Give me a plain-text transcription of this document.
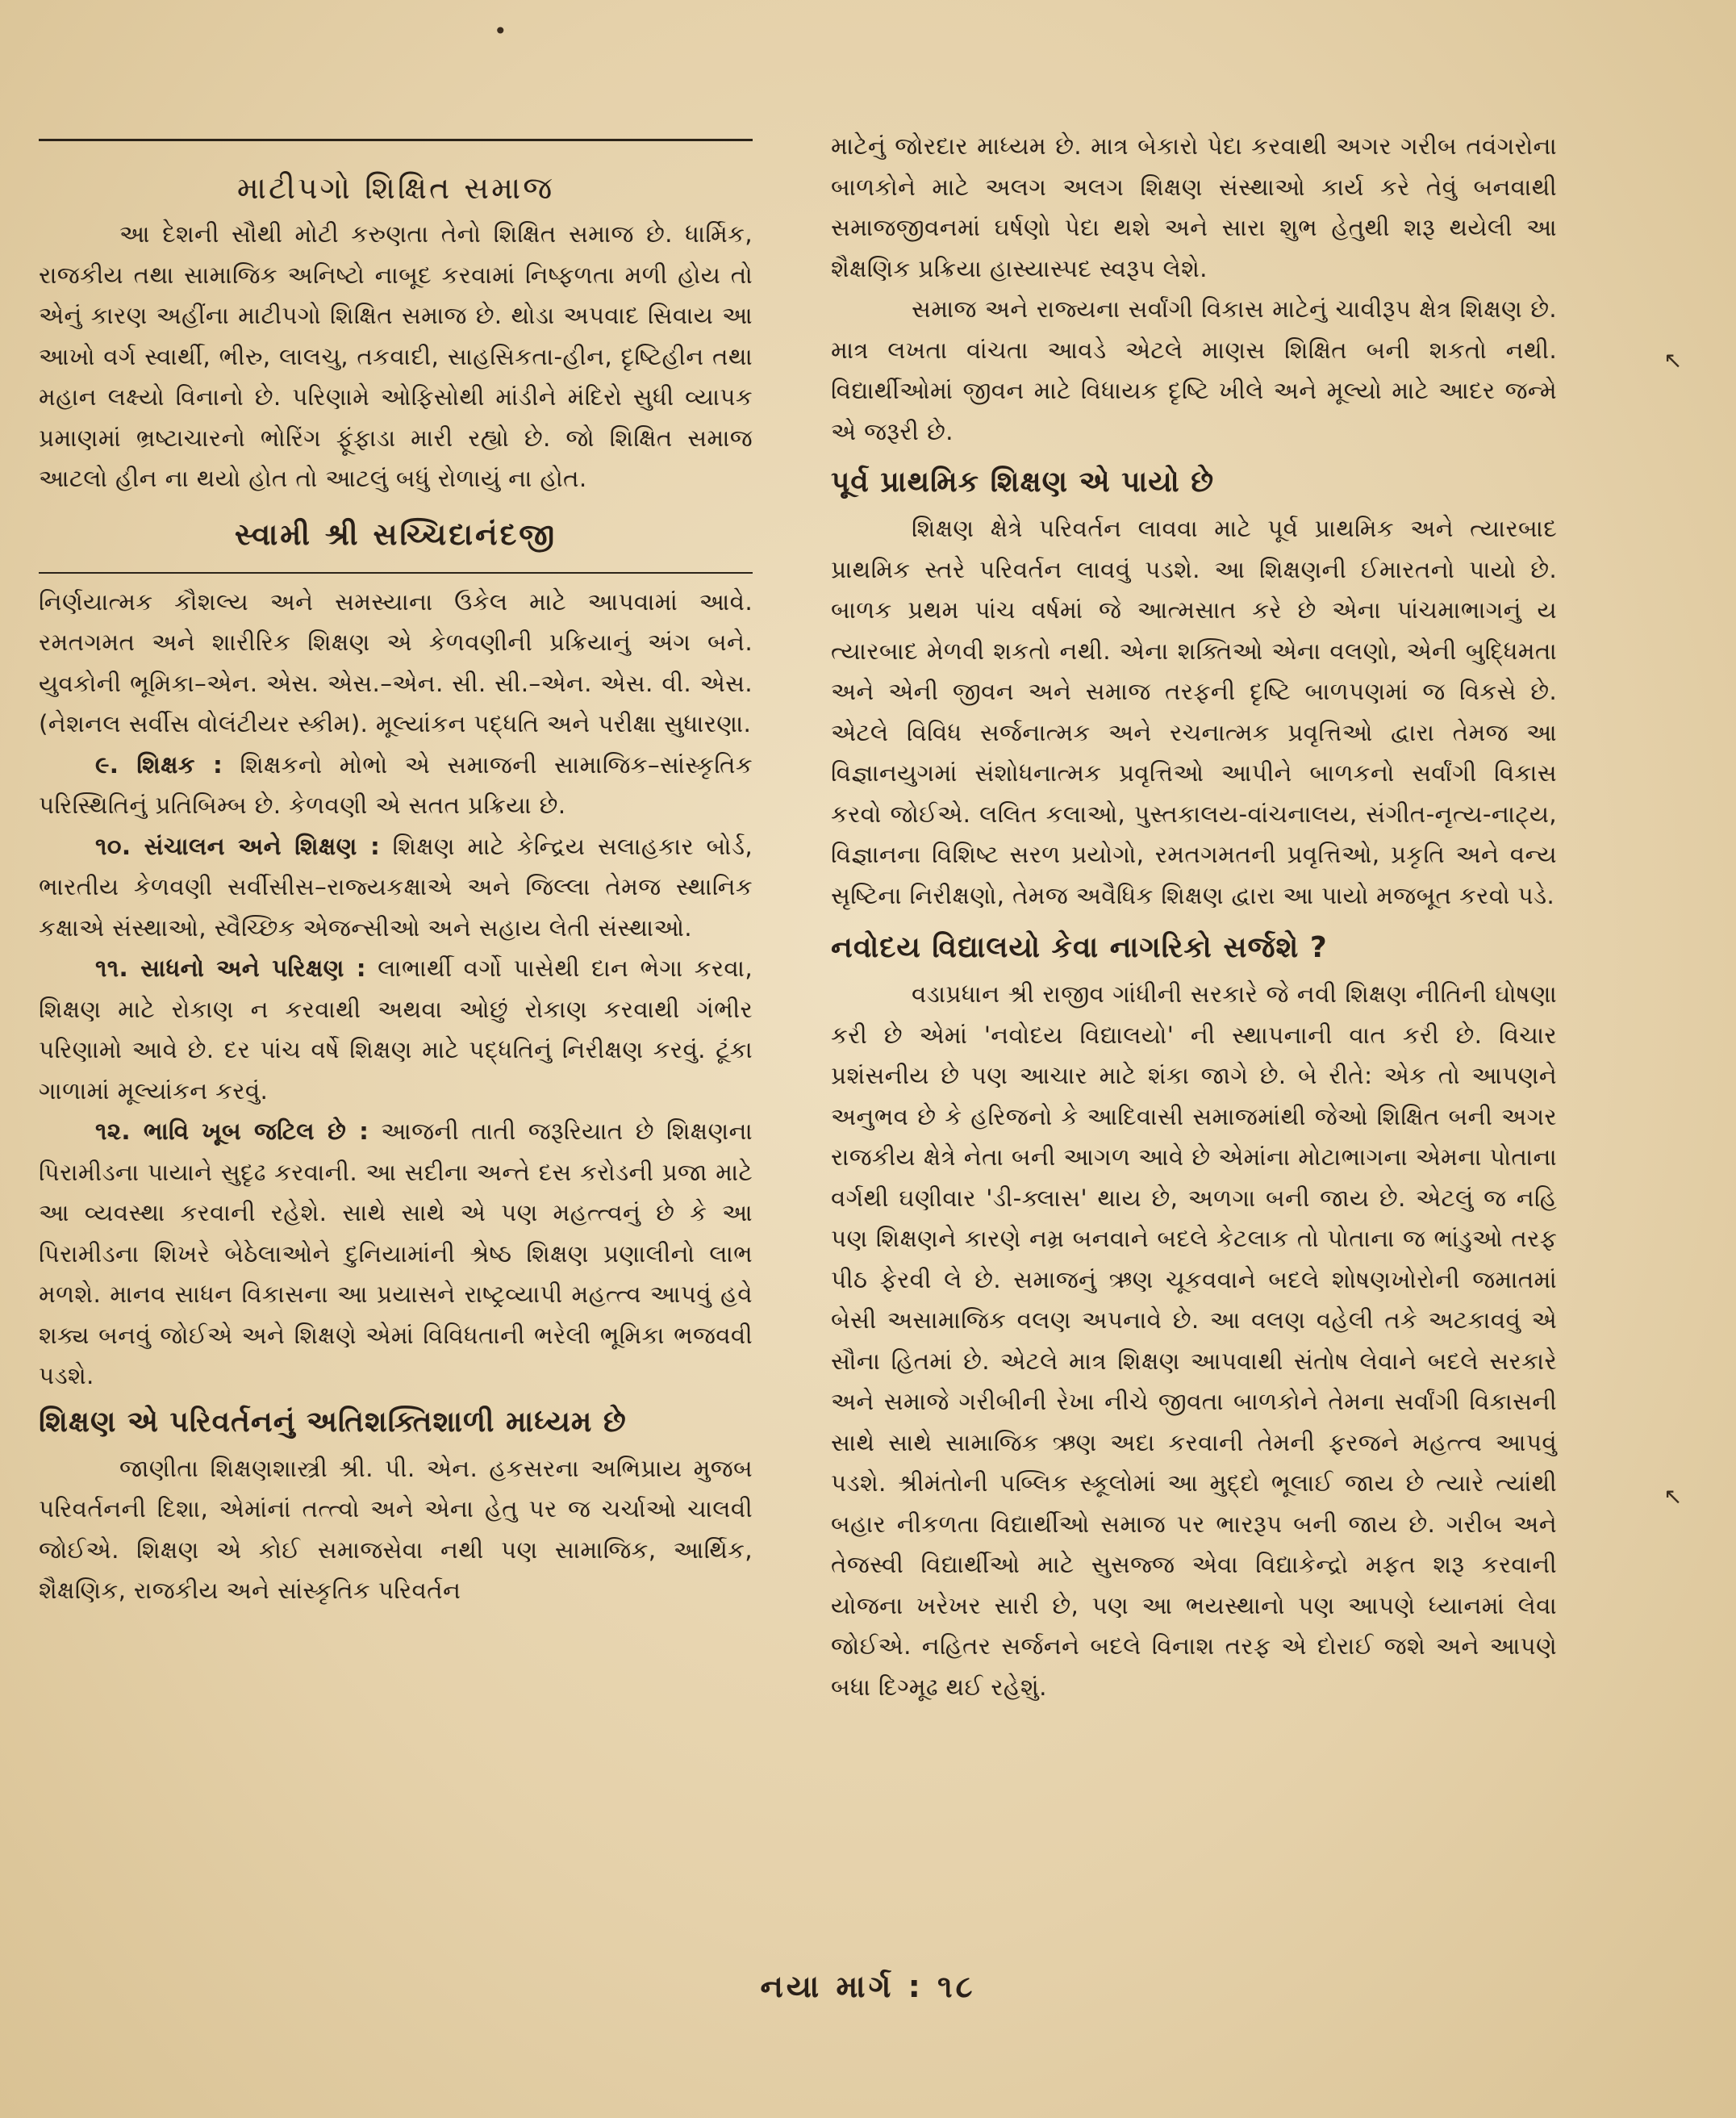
•
માટીપગો શિક્ષિત સમાજ

આ દેશની સૌથી મોટી કરુણતા તેનો શિક્ષિત સમાજ છે. ધાર્મિક, રાજકીય તથા સામાજિક અનિષ્ટો નાબૂદ કરવામાં નિષ્ફળતા મળી હોય તો એનું કારણ અહીંના માટીપગો શિક્ષિત સમાજ છે. થોડા અપવાદ સિવાય આ આખો વર્ગ સ્વાર્થી, ભીરુ, લાલચુ, તકવાદી, સાહસિકતા-હીન, દૃષ્ટિહીન તથા મહાન લક્ષ્યો વિનાનો છે. પરિણામે ઓફિસોથી માંડીને મંદિરો સુધી વ્યાપક પ્રમાણમાં ભ્રષ્ટાચારનો ભોરિંગ ફૂંફાડા મારી રહ્યો છે. જો શિક્ષિત સમાજ આટલો હીન ના થયો હોત તો આટલું બધું રોળાયું ના હોત.

સ્વામી શ્રી સચ્ચિદાનંદજી

નિર્ણયાત્મક કૌશલ્ય અને સમસ્યાના ઉકેલ માટે આપવામાં આવે. રમતગમત અને શારીરિક શિક્ષણ એ કેળવણીની પ્રક્રિયાનું અંગ બને. યુવકોની ભૂમિકા–એન. એસ. એસ.–એન. સી. સી.–એન. એસ. વી. એસ. (નેશનલ સર્વીસ વોલંટીયર સ્કીમ). મૂલ્યાંકન પદ્ધતિ અને પરીક્ષા સુધારણા.

૯. શિક્ષક : શિક્ષકનો મોભો એ સમાજની સામાજિક–સાંસ્કૃતિક પરિસ્થિતિનું પ્રતિબિમ્બ છે. કેળવણી એ સતત પ્રક્રિયા છે.

૧૦. સંચાલન અને શિક્ષણ : શિક્ષણ માટે કેન્દ્રિય સલાહકાર બોર્ડ, ભારતીય કેળવણી સર્વીસીસ–રાજ્યકક્ષાએ અને જિલ્લા તેમજ સ્થાનિક કક્ષાએ સંસ્થાઓ, સ્વૈચ્છિક એજન્સીઓ અને સહાય લેતી સંસ્થાઓ.

૧૧. સાધનો અને પરિક્ષણ : લાભાર્થી વર્ગો પાસેથી દાન ભેગા કરવા, શિક્ષણ માટે રોકાણ ન કરવાથી અથવા ઓછું રોકાણ કરવાથી ગંભીર પરિણામો આવે છે. દર પાંચ વર્ષે શિક્ષણ માટે પદ્ધતિનું નિરીક્ષણ કરવું. ટૂંકા ગાળામાં મૂલ્યાંકન કરવું.

૧૨. ભાવિ ખૂબ જટિલ છે : આજની તાતી જરૂરિયાત છે શિક્ષણના પિરામીડના પાયાને સુદૃઢ કરવાની. આ સદીના અન્તે દસ કરોડની પ્રજા માટે આ વ્યવસ્થા કરવાની રહેશે. સાથે સાથે એ પણ મહત્ત્વનું છે કે આ પિરામીડના શિખરે બેઠેલાઓને દુનિયામાંની શ્રેષ્ઠ શિક્ષણ પ્રણાલીનો લાભ મળશે. માનવ સાધન વિકાસના આ પ્રયાસને રાષ્ટ્રવ્યાપી મહત્ત્વ આપવું હવે શક્ય બનવું જોઈએ અને શિક્ષણે એમાં વિવિધતાની ભરેલી ભૂમિકા ભજવવી પડશે.

શિક્ષણ એ પરિવર્તનનું અતિશક્તિશાળી માધ્યમ છે

જાણીતા શિક્ષણશાસ્ત્રી શ્રી. પી. એન. હકસરના અભિપ્રાય મુજબ પરિવર્તનની દિશા, એમાંનાં તત્ત્વો અને એના હેતુ પર જ ચર્ચાઓ ચાલવી જોઈએ. શિક્ષણ એ કોઈ સમાજસેવા નથી પણ સામાજિક, આર્થિક, શૈક્ષણિક, રાજકીય અને સાંસ્કૃતિક પરિવર્તન

માટેનું જોરદાર માધ્યમ છે. માત્ર બેકારો પેદા કરવાથી અગર ગરીબ તવંગરોના બાળકોને માટે અલગ અલગ શિક્ષણ સંસ્થાઓ કાર્ય કરે તેવું બનવાથી સમાજજીવનમાં ઘર્ષણો પેદા થશે અને સારા શુભ હેતુથી શરૂ થયેલી આ શૈક્ષણિક પ્રક્રિયા હાસ્યાસ્પદ સ્વરૂપ લેશે.

સમાજ અને રાજ્યના સર્વાંગી વિકાસ માટેનું ચાવીરૂપ ક્ષેત્ર શિક્ષણ છે. માત્ર લખતા વાંચતા આવડે એટલે માણસ શિક્ષિત બની શકતો નથી. વિદ્યાર્થીઓમાં જીવન માટે વિધાયક દૃષ્ટિ ખીલે અને મૂલ્યો માટે આદર જન્મે એ જરૂરી છે.

પૂર્વ પ્રાથમિક શિક્ષણ એ પાયો છે

શિક્ષણ ક્ષેત્રે પરિવર્તન લાવવા માટે પૂર્વ પ્રાથમિક અને ત્યારબાદ પ્રાથમિક સ્તરે પરિવર્તન લાવવું પડશે. આ શિક્ષણની ઈમારતનો પાયો છે. બાળક પ્રથમ પાંચ વર્ષમાં જે આત્મસાત કરે છે એના પાંચમાભાગનું ય ત્યારબાદ મેળવી શકતો નથી. એના શક્તિઓ એના વલણો, એની બુદ્ધિમતા અને એની જીવન અને સમાજ તરફની દૃષ્ટિ બાળપણમાં જ વિકસે છે. એટલે વિવિધ સર્જનાત્મક અને રચનાત્મક પ્રવૃત્તિઓ દ્વારા તેમજ આ વિજ્ઞાનયુગમાં સંશોધનાત્મક પ્રવૃત્તિઓ આપીને બાળકનો સર્વાંગી વિકાસ કરવો જોઈએ. લલિત કલાઓ, પુસ્તકાલય-વાંચનાલય, સંગીત-નૃત્ય-નાટ્ય, વિજ્ઞાનના વિશિષ્ટ સરળ પ્રયોગો, રમતગમતની પ્રવૃત્તિઓ, પ્રકૃતિ અને વન્ય સૃષ્ટિના નિરીક્ષણો, તેમજ અવૈધિક શિક્ષણ દ્વારા આ પાયો મજબૂત કરવો પડે.

નવોદય વિદ્યાલયો કેવા નાગરિકો સર્જશે ?

વડાપ્રધાન શ્રી રાજીવ ગાંધીની સરકારે જે નવી શિક્ષણ નીતિની ઘોષણા કરી છે એમાં 'નવોદય વિદ્યાલયો' ની સ્થાપનાની વાત કરી છે. વિચાર પ્રશંસનીય છે પણ આચાર માટે શંકા જાગે છે. બે રીતે: એક તો આપણને અનુભવ છે કે હરિજનો કે આદિવાસી સમાજમાંથી જેઓ શિક્ષિત બની અગર રાજકીય ક્ષેત્રે નેતા બની આગળ આવે છે એમાંના મોટાભાગના એમના પોતાના વર્ગથી ઘણીવાર 'ડી-ક્લાસ' થાય છે, અળગા બની જાય છે. એટલું જ નહિ પણ શિક્ષણને કારણે નમ્ર બનવાને બદલે કેટલાક તો પોતાના જ ભાંડુઓ તરફ પીઠ ફેરવી લે છે. સમાજનું ઋણ ચૂકવવાને બદલે શોષણખોરોની જમાતમાં બેસી અસામાજિક વલણ અપનાવે છે. આ વલણ વહેલી તકે અટકાવવું એ સૌના હિતમાં છે. એટલે માત્ર શિક્ષણ આપવાથી સંતોષ લેવાને બદલે સરકારે અને સમાજે ગરીબીની રેખા નીચે જીવતા બાળકોને તેમના સર્વાંગી વિકાસની સાથે સાથે સામાજિક ઋણ અદા કરવાની તેમની ફરજને મહત્ત્વ આપવું પડશે. શ્રીમંતોની પબ્લિક સ્કૂલોમાં આ મુદ્દો ભૂલાઈ જાય છે ત્યારે ત્યાંથી બહાર નીકળતા વિદ્યાર્થીઓ સમાજ પર ભારરૂપ બની જાય છે. ગરીબ અને તેજસ્વી વિદ્યાર્થીઓ માટે સુસજ્જ એવા વિદ્યાકેન્દ્રો મફત શરૂ કરવાની યોજના ખરેખર સારી છે, પણ આ ભયસ્થાનો પણ આપણે ધ્યાનમાં લેવા જોઈએ. નહિતર સર્જનને બદલે વિનાશ તરફ એ દોરાઈ જશે અને આપણે બધા દિગ્મૂઢ થઈ રહેશું.

↖
↖
નયા માર્ગ : ૧૮
